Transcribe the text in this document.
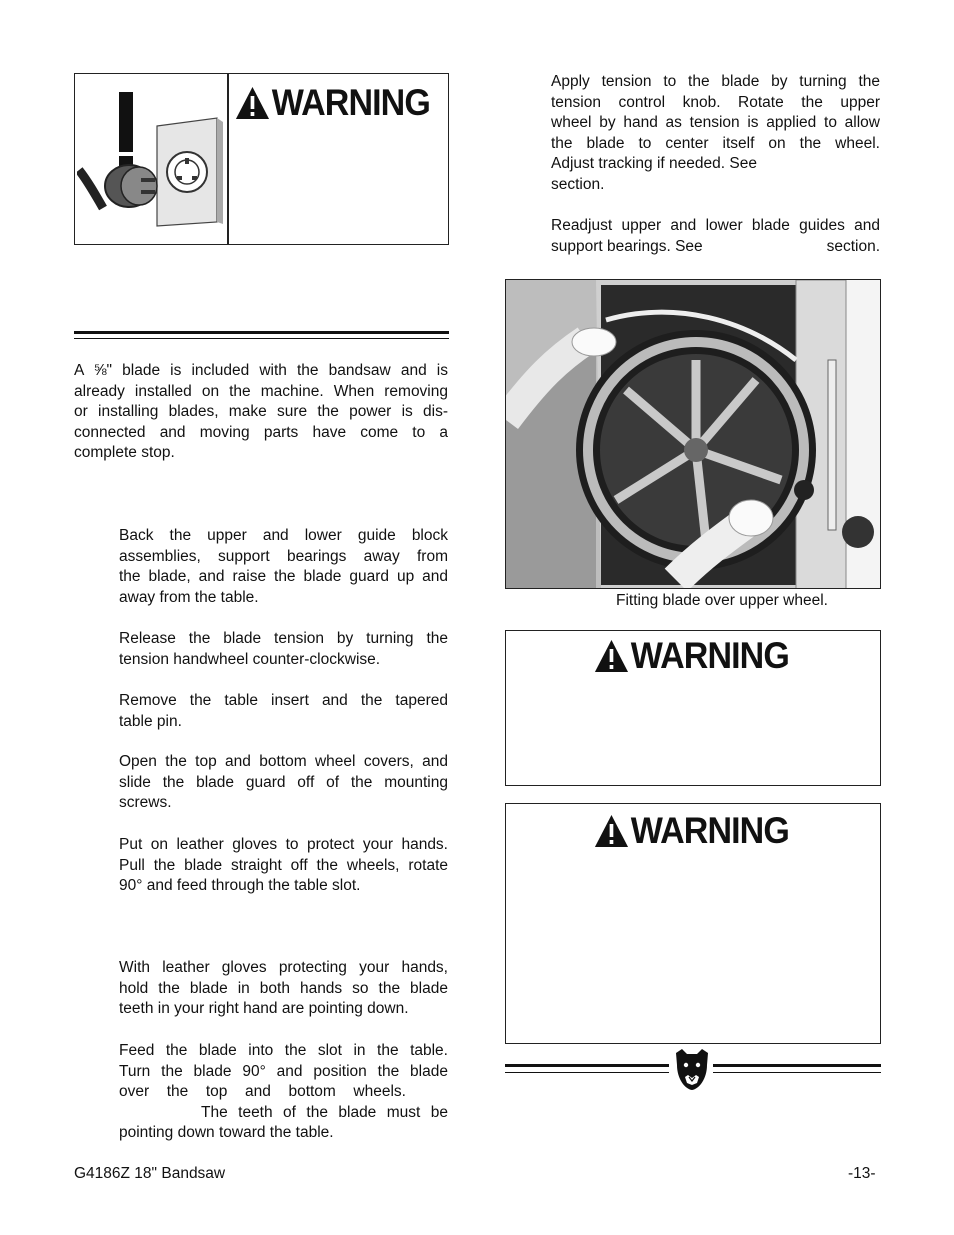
WARNING
A ⅝" blade is included with the bandsaw and is
already installed on the machine. When removing
or installing blades, make sure the power is dis-
connected and moving parts have come to a
complete stop.
Back the upper and lower guide block
assemblies, support bearings away from
the blade, and raise the blade guard up and
away from the table.
Release the blade tension by turning the
tension handwheel counter-clockwise.
Remove the table insert and the tapered
table pin.
Open the top and bottom wheel covers, and
slide the blade guard off of the mounting
screws.
Put on leather gloves to protect your hands.
Pull the blade straight off the wheels, rotate
90° and feed through the table slot.
With leather gloves protecting your hands,
hold the blade in both hands so the blade
teeth in your right hand are pointing down.
Feed the blade into the slot in the table.
Turn the blade 90° and position the blade
over the top and bottom wheels.
The teeth of the blade must be
pointing down toward the table.
Apply tension to the blade by turning the
tension control knob. Rotate the upper
wheel by hand as tension is applied to allow
the blade to center itself on the wheel.
Adjust tracking if needed. See
section.
Readjust upper and lower blade guides and
support bearings. See	section.
Fitting blade over upper wheel.
WARNING
WARNING
G4186Z 18" Bandsaw	-13-
